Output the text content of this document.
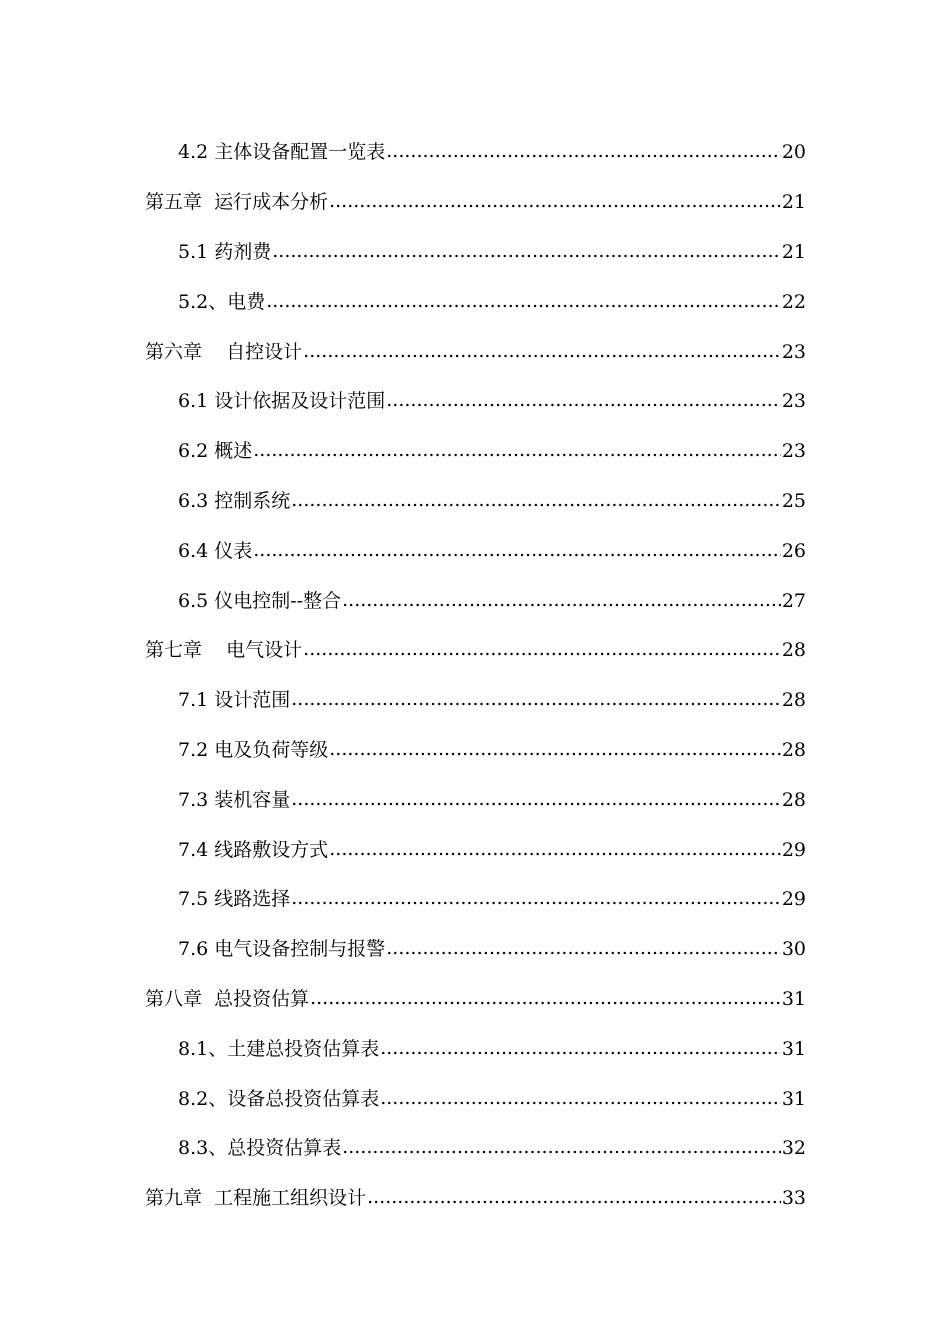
4.2 主体设备配置一览表 .....	20
第五章  运行成本分析 .....	21
5.1 药剂费 .....	21
5.2、电费 .....	22
第六章    自控设计 .....	23
6.1 设计依据及设计范围 .....	23
6.2 概述 .....	23
6.3 控制系统 .....	25
6.4 仪表 .....	26
6.5 仪电控制--整合 .....	27
第七章    电气设计 .....	28
7.1 设计范围 .....	28
7.2 电及负荷等级 .....	28
7.3 装机容量 .....	28
7.4 线路敷设方式 .....	29
7.5 线路选择 .....	29
7.6 电气设备控制与报警 .....	30
第八章  总投资估算 .....	31
8.1、土建总投资估算表 .....	31
8.2、设备总投资估算表 .....	31
8.3、总投资估算表 .....	32
第九章  工程施工组织设计 .....	33
